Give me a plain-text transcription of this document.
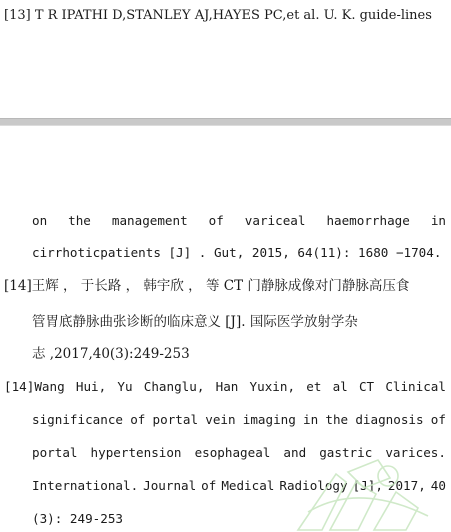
[13] T R IPATHI D,STANLEY AJ,HAYES PC,et al. U. K. guide-lines
on the management of variceal haemorrhage in
cirrhoticpatients [J] . Gut, 2015, 64(11): 1680 −1704.
[14]王辉 ， 于长路 ， 韩宇欣 ， 等 CT 门静脉成像对门静脉高压食
管胃底静脉曲张诊断的临床意义 [J]. 国际医学放射学杂
志 ,2017,40(3):249-253
[14]Wang Hui, Yu Changlu, Han Yuxin, et al CT Clinical
significance of portal vein imaging in the diagnosis of
portal hypertension esophageal and gastric varices.
International. Journal of Medical Radiology [J], 2017, 40
(3): 249-253
